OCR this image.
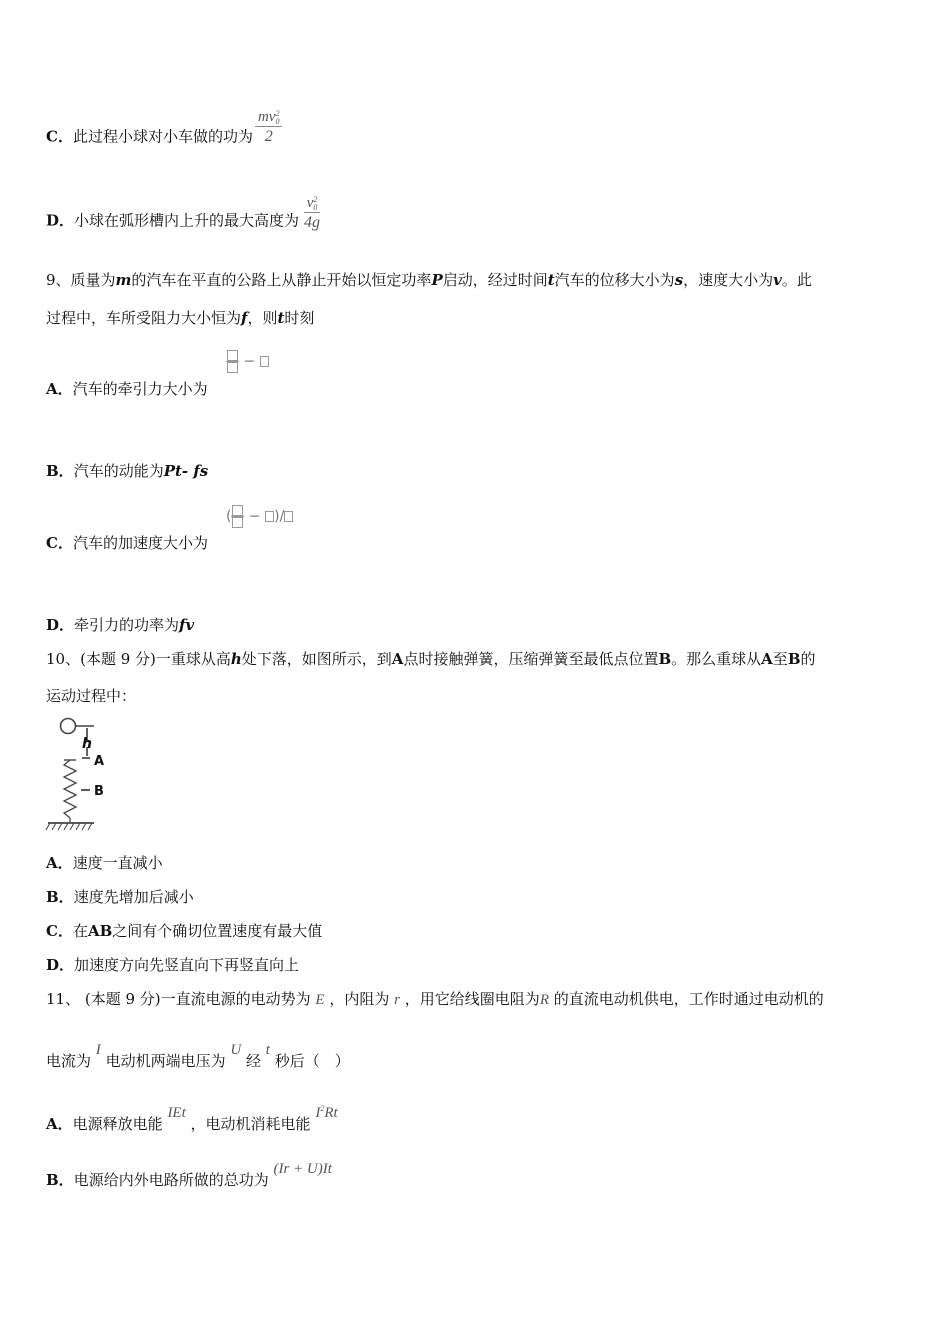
C．此过程小球对小车做的功为 mv 2
0
2
D．小球在弧形槽内上升的最大高度为 v 2
0
4g
9、质量为m的汽车在平直的公路上从静止开始以恒定功率P启动，经过时间t汽车的位移大小为s，速度大小为v。此
过程中，车所受阻力大小恒为f，则t时刻
A．汽车的牵引力大小为
−
B．汽车的动能为Pt- fs
C．汽车的加速度大小为
( − )/
D．牵引力的功率为fv
10、(本题 9 分)一重球从高h处下落，如图所示，到A点时接触弹簧，压缩弹簧至最低点位置B。那么重球从A至B的
运动过程中：
h
A
B
A．速度一直减小
B．速度先增加后减小
C．在AB之间有个确切位置速度有最大值
D．加速度方向先竖直向下再竖直向上
11、 (本题 9 分)一直流电源的电动势为 E ，内阻为 r ，用它给线圈电阻为R 的直流电动机供电，工作时通过电动机的
电流为 I 电动机两端电压为 U 经 t 秒后（　）
A．电源释放电能 IEt ，电动机消耗电能 $I^2Rt$
B．电源给内外电路所做的总功为 (Ir + U)It
